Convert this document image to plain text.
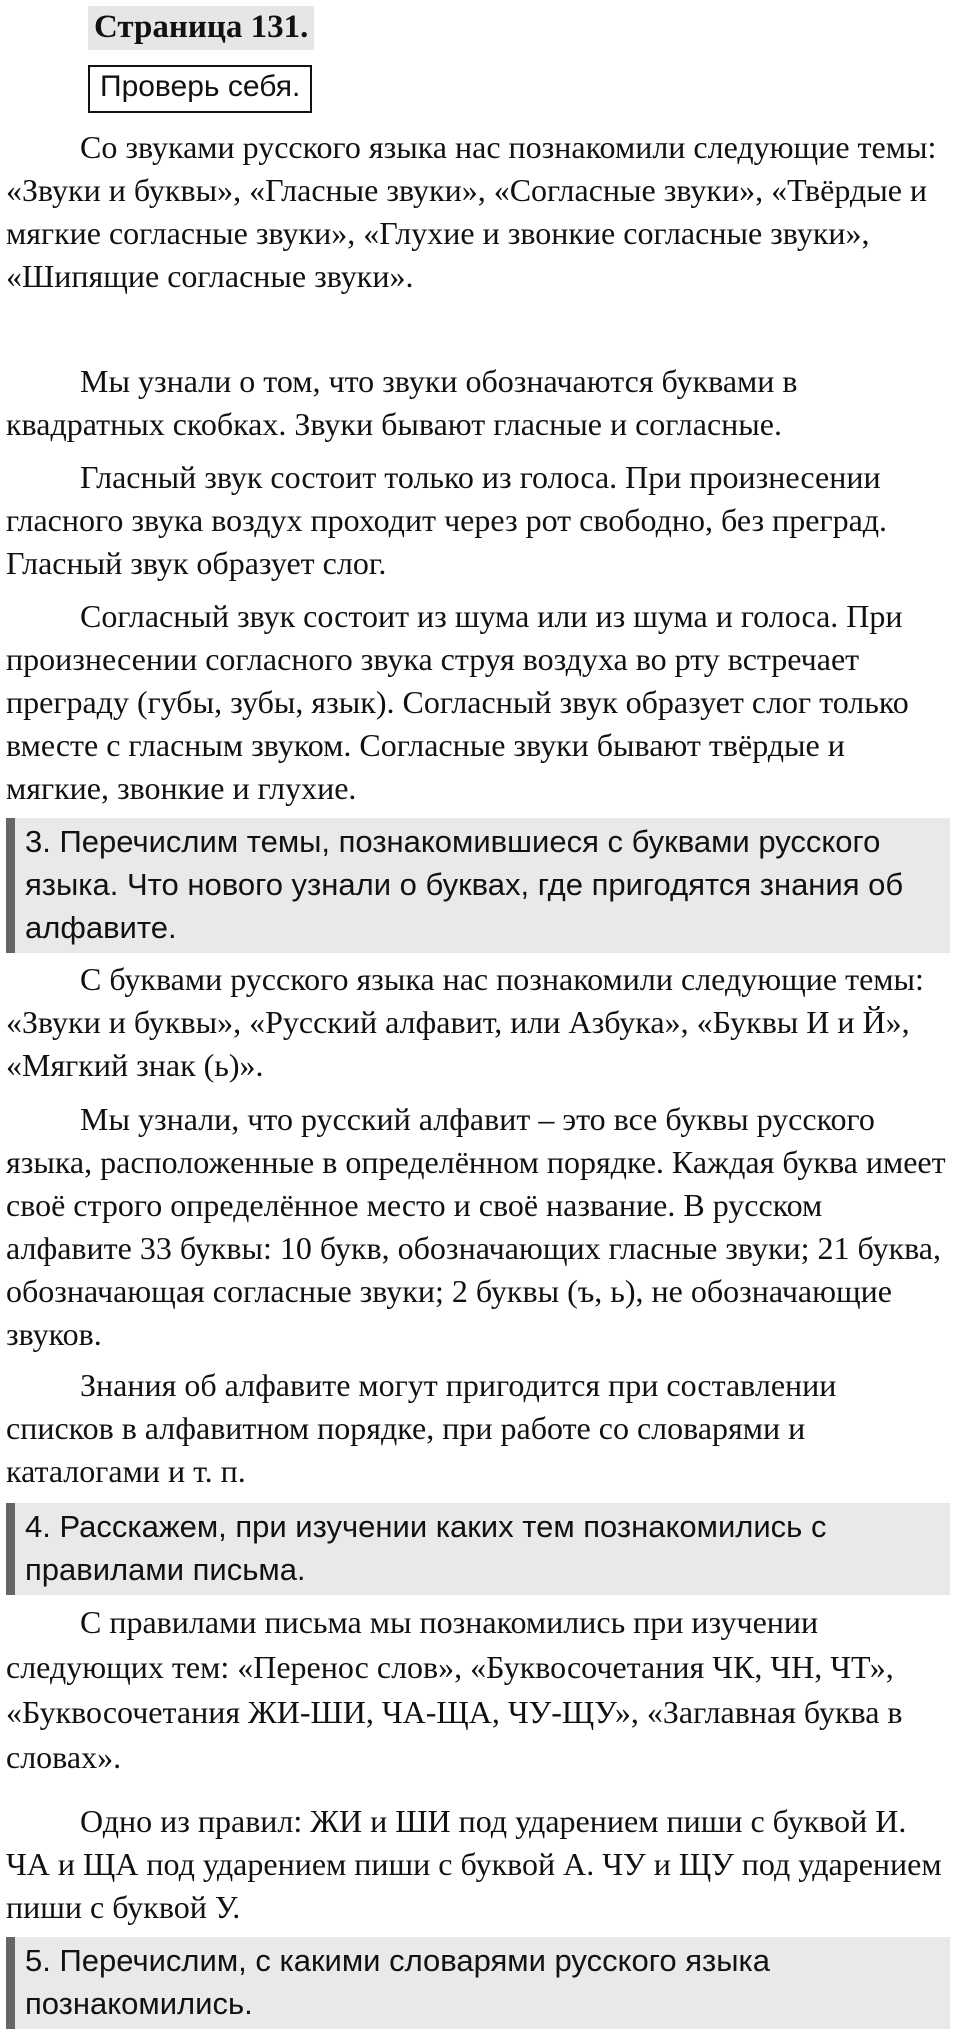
Страница 131.
Проверь себя.

Со звуками русского языка нас познакомили следующие темы: «Звуки и буквы», «Гласные звуки», «Согласные звуки», «Твёрдые и мягкие согласные звуки», «Глухие и звонкие согласные звуки», «Шипящие согласные звуки».

Мы узнали о том, что звуки обозначаются буквами в квадратных скобках. Звуки бывают гласные и согласные.

Гласный звук состоит только из голоса. При произнесении гласного звука воздух проходит через рот свободно, без преград. Гласный звук образует слог.

Согласный звук состоит из шума или из шума и голоса. При произнесении согласного звука струя воздуха во рту встречает преграду (губы, зубы, язык). Согласный звук образует слог только вместе с гласным звуком. Согласные звуки бывают твёрдые и мягкие, звонкие и глухие.

3. Перечислим темы, познакомившиеся с буквами русского языка. Что нового узнали о буквах, где пригодятся знания об алфавите.

С буквами русского языка нас познакомили следующие темы: «Звуки и буквы», «Русский алфавит, или Азбука», «Буквы И и Й», «Мягкий знак (ь)».

Мы узнали, что русский алфавит – это все буквы русского языка, расположенные в определённом порядке. Каждая буква имеет своё строго определённое место и своё название. В русском алфавите 33 буквы: 10 букв, обозначающих гласные звуки; 21 буква, обозначающая согласные звуки; 2 буквы (ъ, ь), не обозначающие звуков.

Знания об алфавите могут пригодится при составлении списков в алфавитном порядке, при работе со словарями и каталогами и т. п.

4. Расскажем, при изучении каких тем познакомились с правилами письма.

С правилами письма мы познакомились при изучении следующих тем: «Перенос слов», «Буквосочетания ЧК, ЧН, ЧТ», «Буквосочетания ЖИ-ШИ, ЧА-ЩА, ЧУ-ЩУ», «Заглавная буква в словах».

Одно из правил: ЖИ и ШИ под ударением пиши с буквой И. ЧА и ЩА под ударением пиши с буквой А. ЧУ и ЩУ под ударением пиши с буквой У.

5. Перечислим, с какими словарями русского языка познакомились.
